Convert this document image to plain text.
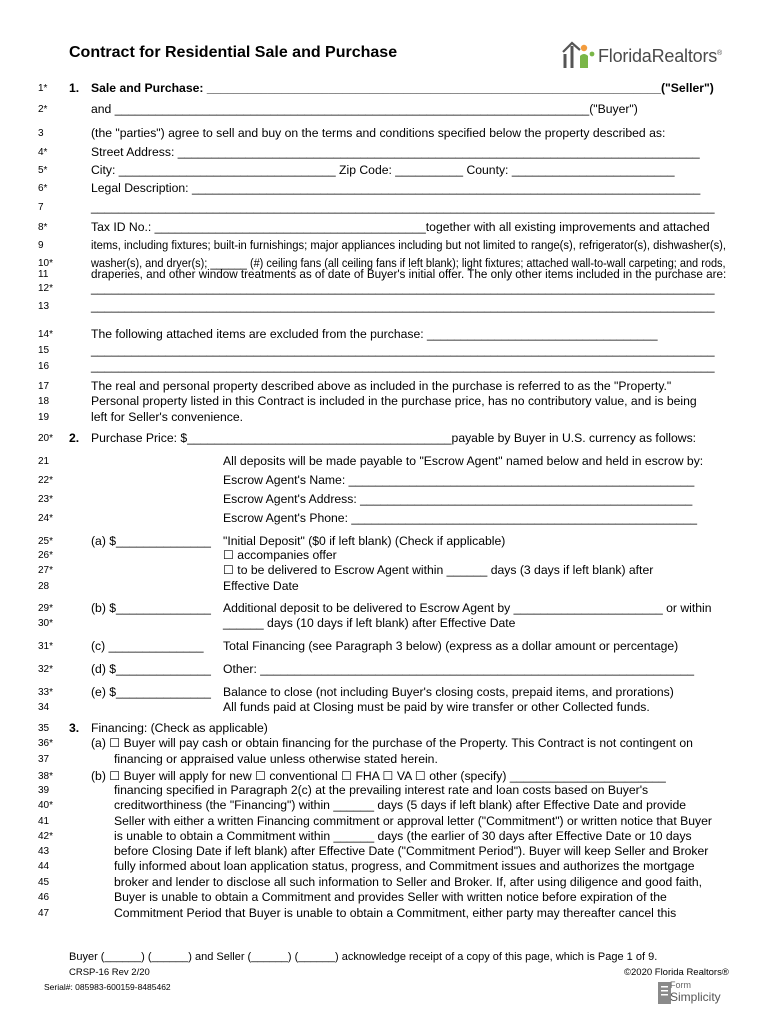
Contract for Residential Sale and Purchase	FloridaRealtors®
1*	1. Sale and Purchase: ___________________________________________________________________("Seller")
2*	and ______________________________________________________________________("Buyer")
3	(the "parties") agree to sell and buy on the terms and conditions specified below the property described as:
4*	Street Address: _____________________________________________________________________________
5*	City: ________________________________ Zip Code: __________ County: ________________________
6*	Legal Description: ___________________________________________________________________________
7	____________________________________________________________________________________________
8*	Tax ID No.: ________________________________________together with all existing improvements and attached
9	items, including fixtures; built-in furnishings; major appliances including but not limited to range(s), refrigerator(s), dishwasher(s),
10*	washer(s), and dryer(s); ______ (#) ceiling fans (all ceiling fans if left blank); light fixtures; attached wall-to-wall carpeting; and rods,
11	draperies, and other window treatments as of date of Buyer's initial offer. The only other items included in the purchase are:
12*	____________________________________________________________________________________________
13	____________________________________________________________________________________________
14*	The following attached items are excluded from the purchase: __________________________________
15	____________________________________________________________________________________________
16	____________________________________________________________________________________________
17	The real and personal property described above as included in the purchase is referred to as the "Property."
18	Personal property listed in this Contract is included in the purchase price, has no contributory value, and is being
19	left for Seller's convenience.
20*	2. Purchase Price: $_______________________________________payable by Buyer in U.S. currency as follows:
21	All deposits will be made payable to "Escrow Agent" named below and held in escrow by:
22*	Escrow Agent's Name: ___________________________________________________
23*	Escrow Agent's Address: _________________________________________________
24*	Escrow Agent's Phone: ___________________________________________________
25*	(a) $______________ "Initial Deposit" ($0 if left blank) (Check if applicable)
26*	☐ accompanies offer
27*	☐ to be delivered to Escrow Agent within ______ days (3 days if left blank) after
28	Effective Date
29*	(b) $______________ Additional deposit to be delivered to Escrow Agent by ______________________ or within
30*	______ days (10 days if left blank) after Effective Date
31*	(c) ______________ Total Financing (see Paragraph 3 below) (express as a dollar amount or percentage)
32*	(d) $______________ Other: ________________________________________________________________
33*	(e) $______________ Balance to close (not including Buyer's closing costs, prepaid items, and prorations)
34	All funds paid at Closing must be paid by wire transfer or other Collected funds.
35	3. Financing: (Check as applicable)
36*	(a) ☐ Buyer will pay cash or obtain financing for the purchase of the Property. This Contract is not contingent on
37	financing or appraised value unless otherwise stated herein.
38*	(b) ☐ Buyer will apply for new ☐ conventional ☐ FHA ☐ VA ☐ other (specify) _______________________
39	financing specified in Paragraph 2(c) at the prevailing interest rate and loan costs based on Buyer's
40*	creditworthiness (the "Financing") within ______ days (5 days if left blank) after Effective Date and provide
41	Seller with either a written Financing commitment or approval letter ("Commitment") or written notice that Buyer
42*	is unable to obtain a Commitment within ______ days (the earlier of 30 days after Effective Date or 10 days
43	before Closing Date if left blank) after Effective Date ("Commitment Period"). Buyer will keep Seller and Broker
44	fully informed about loan application status, progress, and Commitment issues and authorizes the mortgage
45	broker and lender to disclose all such information to Seller and Broker. If, after using diligence and good faith,
46	Buyer is unable to obtain a Commitment and provides Seller with written notice before expiration of the
47	Commitment Period that Buyer is unable to obtain a Commitment, either party may thereafter cancel this
Buyer (______) (______) and Seller (______) (______) acknowledge receipt of a copy of this page, which is Page 1 of 9.
CRSP-16 Rev 2/20	©2020 Florida Realtors®
Serial#: 085983-600159-8485462	Form
Simplicity
